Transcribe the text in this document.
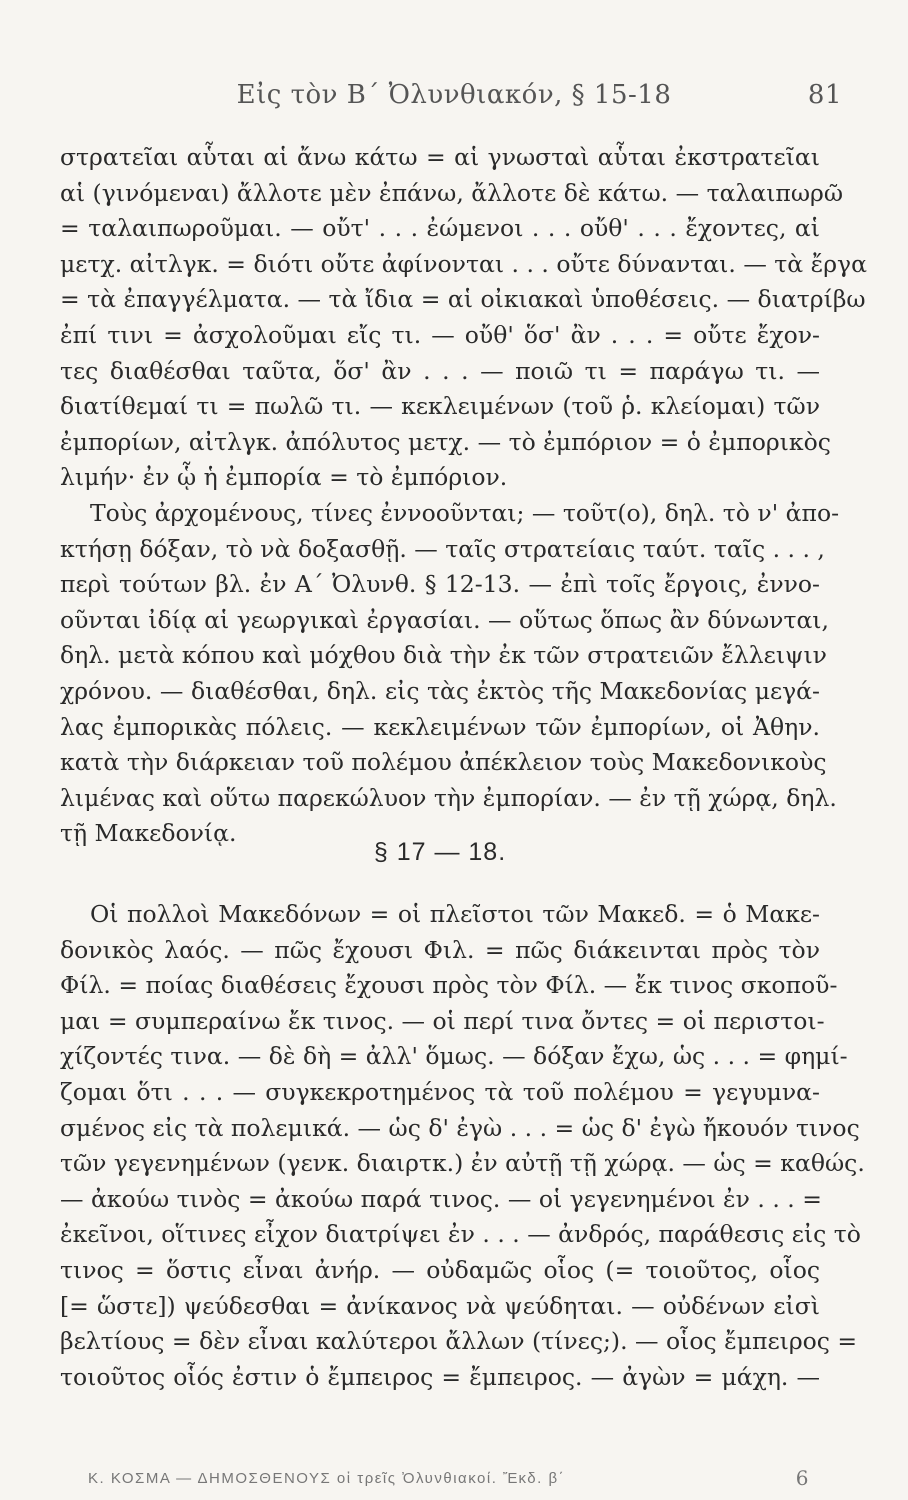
Εἰς τὸν Β΄ Ὀλυνθιακόν, § 15-18	81
στρατεῖαι αὗται αἱ ἄνω κάτω = αἱ γνωσταὶ αὗται ἐκστρατεῖαι
αἱ (γινόμεναι) ἄλλοτε μὲν ἐπάνω, ἄλλοτε δὲ κάτω. — ταλαιπωρῶ
= ταλαιπωροῦμαι. — οὔτ' . . . ἐώμενοι . . . οὔθ' . . . ἔχοντες, αἱ
μετχ. αἰτλγκ. = διότι οὔτε ἀφίνονται . . . οὔτε δύνανται. — τὰ ἔργα
= τὰ ἐπαγγέλματα. — τὰ ἴδια = αἱ οἰκιακαὶ ὑποθέσεις. — διατρίβω
ἐπί τινι = ἀσχολοῦμαι εἴς τι. — οὔθ' ὅσ' ἂν . . . = οὔτε ἔχον-
τες διαθέσθαι ταῦτα, ὅσ' ἂν . . . — ποιῶ τι = παράγω τι. —
διατίθεμαί τι = πωλῶ τι. — κεκλειμένων (τοῦ ῥ. κλείομαι) τῶν
ἐμπορίων, αἰτλγκ. ἀπόλυτος μετχ. — τὸ ἐμπόριον = ὁ ἐμπορικὸς
λιμήν· ἐν ᾧ ἡ ἐμπορία = τὸ ἐμπόριον.
Τοὺς ἀρχομένους, τίνες ἐννοοῦνται; — τοῦτ(ο), δηλ. τὸ ν' ἀπο-
κτήσῃ δόξαν, τὸ νὰ δοξασθῇ. — ταῖς στρατείαις ταύτ. ταῖς . . . ,
περὶ τούτων βλ. ἐν Α΄ Ὀλυνθ. § 12-13. — ἐπὶ τοῖς ἔργοις, ἐννο-
οῦνται ἰδίᾳ αἱ γεωργικαὶ ἐργασίαι. — οὕτως ὅπως ἂν δύνωνται,
δηλ. μετὰ κόπου καὶ μόχθου διὰ τὴν ἐκ τῶν στρατειῶν ἔλλειψιν
χρόνου. — διαθέσθαι, δηλ. εἰς τὰς ἐκτὸς τῆς Μακεδονίας μεγά-
λας ἐμπορικὰς πόλεις. — κεκλειμένων τῶν ἐμπορίων, οἱ Ἀθην.
κατὰ τὴν διάρκειαν τοῦ πολέμου ἀπέκλειον τοὺς Μακεδονικοὺς
λιμένας καὶ οὕτω παρεκώλυον τὴν ἐμπορίαν. — ἐν τῇ χώρᾳ, δηλ.
τῇ Μακεδονίᾳ.
§ 17 — 18.
Οἱ πολλοὶ Μακεδόνων = οἱ πλεῖστοι τῶν Μακεδ. = ὁ Μακε-
δονικὸς λαός. — πῶς ἔχουσι Φιλ. = πῶς διάκεινται πρὸς τὸν
Φίλ. = ποίας διαθέσεις ἔχουσι πρὸς τὸν Φίλ. — ἔκ τινος σκοποῦ-
μαι = συμπεραίνω ἔκ τινος. — οἱ περί τινα ὄντες = οἱ περιστοι-
χίζοντές τινα. — δὲ δὴ = ἀλλ' ὅμως. — δόξαν ἔχω, ὡς . . . = φημί-
ζομαι ὅτι . . . — συγκεκροτημένος τὰ τοῦ πολέμου = γεγυμνα-
σμένος εἰς τὰ πολεμικά. — ὡς δ' ἐγὼ . . . = ὡς δ' ἐγὼ ἤκουόν τινος
τῶν γεγενημένων (γενκ. διαιρτκ.) ἐν αὐτῇ τῇ χώρᾳ. — ὡς = καθώς.
— ἀκούω τινὸς = ἀκούω παρά τινος. — οἱ γεγενημένοι ἐν . . . =
ἐκεῖνοι, οἵτινες εἶχον διατρίψει ἐν . . . — ἀνδρός, παράθεσις εἰς τὸ
τινος = ὅστις εἶναι ἀνήρ. — οὐδαμῶς οἷος (= τοιοῦτος, οἷος
[= ὥστε]) ψεύδεσθαι = ἀνίκανος νὰ ψεύδηται. — οὐδένων εἰσὶ
βελτίους = δὲν εἶναι καλύτεροι ἄλλων (τίνες;). — οἷος ἔμπειρος =
τοιοῦτος οἷός ἐστιν ὁ ἔμπειρος = ἔμπειρος. — ἀγὼν = μάχη. —
Κ. ΚΟΣΜΑ — ΔΗΜΟΣΘΕΝΟΥΣ οἱ τρεῖς Ὀλυνθιακοί. Ἔκδ. β΄	6
